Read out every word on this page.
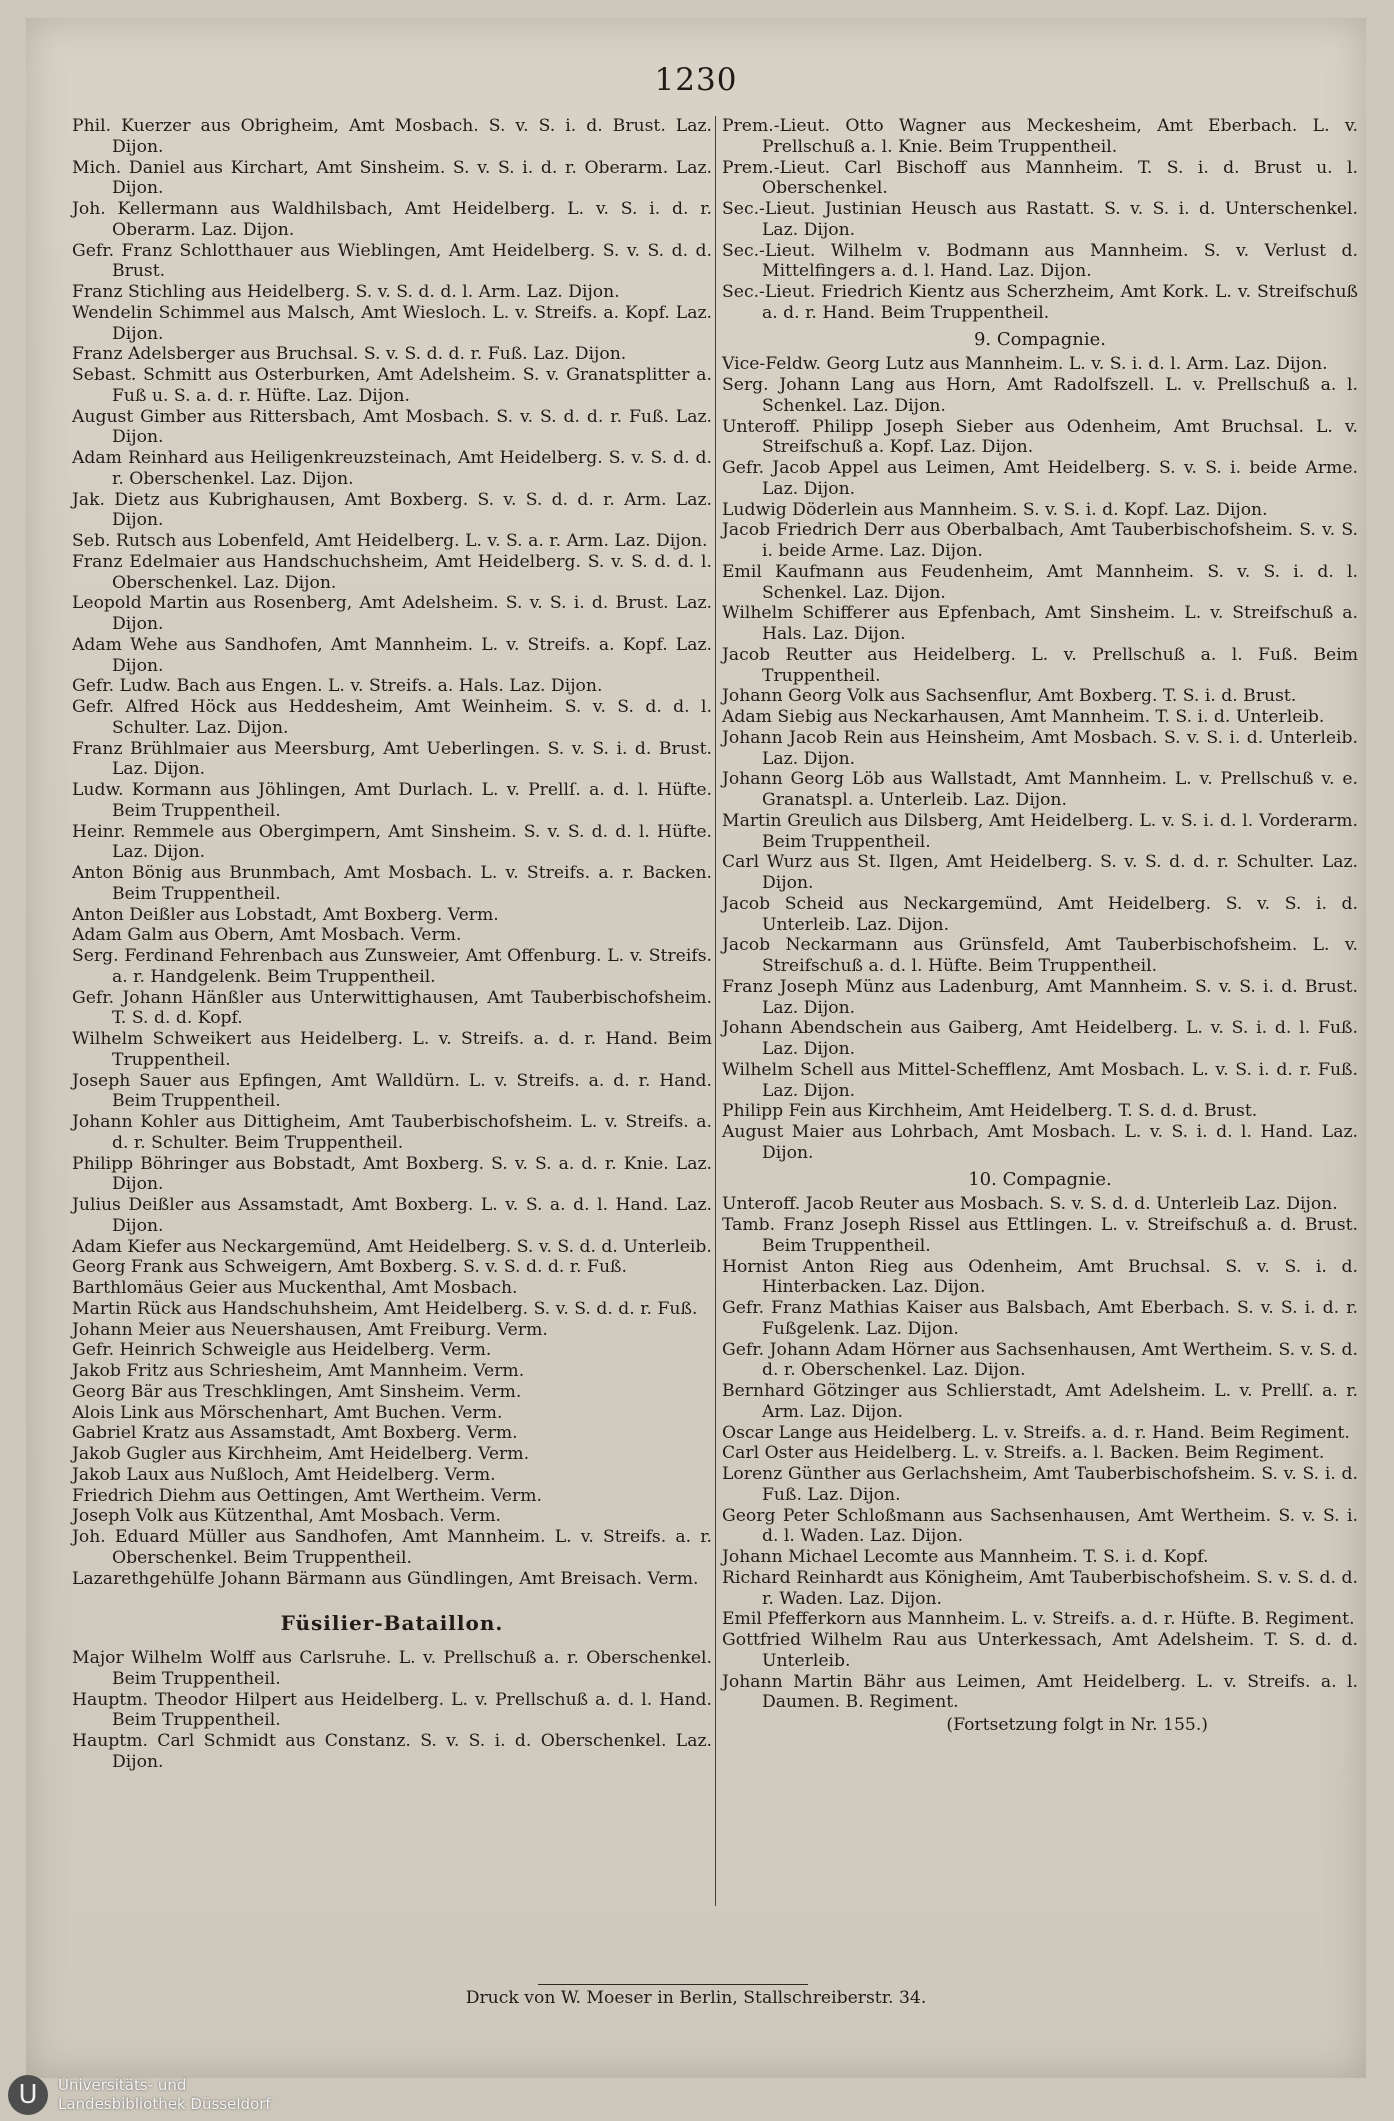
1230

Phil. Kuerzer aus Obrigheim, Amt Mosbach. S. v. S. i. d. Brust. Laz. Dijon.

Mich. Daniel aus Kirchart, Amt Sinsheim. S. v. S. i. d. r. Oberarm. Laz. Dijon.

Joh. Kellermann aus Waldhilsbach, Amt Heidelberg. L. v. S. i. d. r. Oberarm. Laz. Dijon.

Gefr. Franz Schlotthauer aus Wieblingen, Amt Heidelberg. S. v. S. d. d. Brust.

Franz Stichling aus Heidelberg. S. v. S. d. d. l. Arm. Laz. Dijon.

Wendelin Schimmel aus Malsch, Amt Wiesloch. L. v. Streifs. a. Kopf. Laz. Dijon.

Franz Adelsberger aus Bruchsal. S. v. S. d. d. r. Fuß. Laz. Dijon.

Sebast. Schmitt aus Osterburken, Amt Adelsheim. S. v. Granatsplitter a. Fuß u. S. a. d. r. Hüfte. Laz. Dijon.

August Gimber aus Rittersbach, Amt Mosbach. S. v. S. d. d. r. Fuß. Laz. Dijon.

Adam Reinhard aus Heiligenkreuzsteinach, Amt Heidelberg. S. v. S. d. d. r. Oberschenkel. Laz. Dijon.

Jak. Dietz aus Kubrighausen, Amt Boxberg. S. v. S. d. d. r. Arm. Laz. Dijon.

Seb. Rutsch aus Lobenfeld, Amt Heidelberg. L. v. S. a. r. Arm. Laz. Dijon.

Franz Edelmaier aus Handschuchsheim, Amt Heidelberg. S. v. S. d. d. l. Oberschenkel. Laz. Dijon.

Leopold Martin aus Rosenberg, Amt Adelsheim. S. v. S. i. d. Brust. Laz. Dijon.

Adam Wehe aus Sandhofen, Amt Mannheim. L. v. Streifs. a. Kopf. Laz. Dijon.

Gefr. Ludw. Bach aus Engen. L. v. Streifs. a. Hals. Laz. Dijon.

Gefr. Alfred Höck aus Heddesheim, Amt Weinheim. S. v. S. d. d. l. Schulter. Laz. Dijon.

Franz Brühlmaier aus Meersburg, Amt Ueberlingen. S. v. S. i. d. Brust. Laz. Dijon.

Ludw. Kormann aus Jöhlingen, Amt Durlach. L. v. Prellſ. a. d. l. Hüfte. Beim Truppentheil.

Heinr. Remmele aus Obergimpern, Amt Sinsheim. S. v. S. d. d. l. Hüfte. Laz. Dijon.

Anton Bönig aus Brunmbach, Amt Mosbach. L. v. Streifs. a. r. Backen. Beim Truppentheil.

Anton Deißler aus Lobstadt, Amt Boxberg. Verm.

Adam Galm aus Obern, Amt Mosbach. Verm.

Serg. Ferdinand Fehrenbach aus Zunsweier, Amt Offenburg. L. v. Streifs. a. r. Handgelenk. Beim Truppentheil.

Gefr. Johann Hänßler aus Unterwittighausen, Amt Tauberbischofsheim. T. S. d. d. Kopf.

Wilhelm Schweikert aus Heidelberg. L. v. Streifs. a. d. r. Hand. Beim Truppentheil.

Joseph Sauer aus Epfingen, Amt Walldürn. L. v. Streifs. a. d. r. Hand. Beim Truppentheil.

Johann Kohler aus Dittigheim, Amt Tauberbischofsheim. L. v. Streifs. a. d. r. Schulter. Beim Truppentheil.

Philipp Böhringer aus Bobstadt, Amt Boxberg. S. v. S. a. d. r. Knie. Laz. Dijon.

Julius Deißler aus Assamstadt, Amt Boxberg. L. v. S. a. d. l. Hand. Laz. Dijon.

Adam Kiefer aus Neckargemünd, Amt Heidelberg. S. v. S. d. d. Unterleib.

Georg Frank aus Schweigern, Amt Boxberg. S. v. S. d. d. r. Fuß.

Barthlomäus Geier aus Muckenthal, Amt Mosbach.

Martin Rück aus Handschuhsheim, Amt Heidelberg. S. v. S. d. d. r. Fuß.

Johann Meier aus Neuershausen, Amt Freiburg. Verm.

Gefr. Heinrich Schweigle aus Heidelberg. Verm.

Jakob Fritz aus Schriesheim, Amt Mannheim. Verm.

Georg Bär aus Treschklingen, Amt Sinsheim. Verm.

Alois Link aus Mörschenhart, Amt Buchen. Verm.

Gabriel Kratz aus Assamstadt, Amt Boxberg. Verm.

Jakob Gugler aus Kirchheim, Amt Heidelberg. Verm.

Jakob Laux aus Nußloch, Amt Heidelberg. Verm.

Friedrich Diehm aus Oettingen, Amt Wertheim. Verm.

Joseph Volk aus Kützenthal, Amt Mosbach. Verm.

Joh. Eduard Müller aus Sandhofen, Amt Mannheim. L. v. Streifs. a. r. Oberschenkel. Beim Truppentheil.

Lazarethgehülfe Johann Bärmann aus Gündlingen, Amt Breisach. Verm.

Füsilier-Bataillon.

Major Wilhelm Wolff aus Carlsruhe. L. v. Prellschuß a. r. Oberschenkel. Beim Truppentheil.

Hauptm. Theodor Hilpert aus Heidelberg. L. v. Prellschuß a. d. l. Hand. Beim Truppentheil.

Hauptm. Carl Schmidt aus Constanz. S. v. S. i. d. Oberschenkel. Laz. Dijon.

Prem.-Lieut. Otto Wagner aus Meckesheim, Amt Eberbach. L. v. Prellschuß a. l. Knie. Beim Truppentheil.

Prem.-Lieut. Carl Bischoff aus Mannheim. T. S. i. d. Brust u. l. Oberschenkel.

Sec.-Lieut. Justinian Heusch aus Rastatt. S. v. S. i. d. Unterschenkel. Laz. Dijon.

Sec.-Lieut. Wilhelm v. Bodmann aus Mannheim. S. v. Verlust d. Mittelfingers a. d. l. Hand. Laz. Dijon.

Sec.-Lieut. Friedrich Kientz aus Scherzheim, Amt Kork. L. v. Streifschuß a. d. r. Hand. Beim Truppentheil.

9. Compagnie.

Vice-Feldw. Georg Lutz aus Mannheim. L. v. S. i. d. l. Arm. Laz. Dijon.

Serg. Johann Lang aus Horn, Amt Radolfszell. L. v. Prellschuß a. l. Schenkel. Laz. Dijon.

Unteroff. Philipp Joseph Sieber aus Odenheim, Amt Bruchsal. L. v. Streifschuß a. Kopf. Laz. Dijon.

Gefr. Jacob Appel aus Leimen, Amt Heidelberg. S. v. S. i. beide Arme. Laz. Dijon.

Ludwig Döderlein aus Mannheim. S. v. S. i. d. Kopf. Laz. Dijon.

Jacob Friedrich Derr aus Oberbalbach, Amt Tauberbischofsheim. S. v. S. i. beide Arme. Laz. Dijon.

Emil Kaufmann aus Feudenheim, Amt Mannheim. S. v. S. i. d. l. Schenkel. Laz. Dijon.

Wilhelm Schifferer aus Epfenbach, Amt Sinsheim. L. v. Streifschuß a. Hals. Laz. Dijon.

Jacob Reutter aus Heidelberg. L. v. Prellschuß a. l. Fuß. Beim Truppentheil.

Johann Georg Volk aus Sachsenflur, Amt Boxberg. T. S. i. d. Brust.

Adam Siebig aus Neckarhausen, Amt Mannheim. T. S. i. d. Unterleib.

Johann Jacob Rein aus Heinsheim, Amt Mosbach. S. v. S. i. d. Unterleib. Laz. Dijon.

Johann Georg Löb aus Wallstadt, Amt Mannheim. L. v. Prellschuß v. e. Granatspl. a. Unterleib. Laz. Dijon.

Martin Greulich aus Dilsberg, Amt Heidelberg. L. v. S. i. d. l. Vorderarm. Beim Truppentheil.

Carl Wurz aus St. Ilgen, Amt Heidelberg. S. v. S. d. d. r. Schulter. Laz. Dijon.

Jacob Scheid aus Neckargemünd, Amt Heidelberg. S. v. S. i. d. Unterleib. Laz. Dijon.

Jacob Neckarmann aus Grünsfeld, Amt Tauberbischofsheim. L. v. Streifschuß a. d. l. Hüfte. Beim Truppentheil.

Franz Joseph Münz aus Ladenburg, Amt Mannheim. S. v. S. i. d. Brust. Laz. Dijon.

Johann Abendschein aus Gaiberg, Amt Heidelberg. L. v. S. i. d. l. Fuß. Laz. Dijon.

Wilhelm Schell aus Mittel-Schefflenz, Amt Mosbach. L. v. S. i. d. r. Fuß. Laz. Dijon.

Philipp Fein aus Kirchheim, Amt Heidelberg. T. S. d. d. Brust.

August Maier aus Lohrbach, Amt Mosbach. L. v. S. i. d. l. Hand. Laz. Dijon.

10. Compagnie.

Unteroff. Jacob Reuter aus Mosbach. S. v. S. d. d. Unterleib Laz. Dijon.

Tamb. Franz Joseph Rissel aus Ettlingen. L. v. Streifschuß a. d. Brust. Beim Truppentheil.

Hornist Anton Rieg aus Odenheim, Amt Bruchsal. S. v. S. i. d. Hinterbacken. Laz. Dijon.

Gefr. Franz Mathias Kaiser aus Balsbach, Amt Eberbach. S. v. S. i. d. r. Fußgelenk. Laz. Dijon.

Gefr. Johann Adam Hörner aus Sachsenhausen, Amt Wertheim. S. v. S. d. d. r. Oberschenkel. Laz. Dijon.

Bernhard Götzinger aus Schlierstadt, Amt Adelsheim. L. v. Prellſ. a. r. Arm. Laz. Dijon.

Oscar Lange aus Heidelberg. L. v. Streifs. a. d. r. Hand. Beim Regiment.

Carl Oster aus Heidelberg. L. v. Streifs. a. l. Backen. Beim Regiment.

Lorenz Günther aus Gerlachsheim, Amt Tauberbischofsheim. S. v. S. i. d. Fuß. Laz. Dijon.

Georg Peter Schloßmann aus Sachsenhausen, Amt Wertheim. S. v. S. i. d. l. Waden. Laz. Dijon.

Johann Michael Lecomte aus Mannheim. T. S. i. d. Kopf.

Richard Reinhardt aus Königheim, Amt Tauberbischofsheim. S. v. S. d. d. r. Waden. Laz. Dijon.

Emil Pfefferkorn aus Mannheim. L. v. Streifs. a. d. r. Hüfte. B. Regiment.

Gottfried Wilhelm Rau aus Unterkessach, Amt Adelsheim. T. S. d. d. Unterleib.

Johann Martin Bähr aus Leimen, Amt Heidelberg. L. v. Streifs. a. l. Daumen. B. Regiment.

(Fortsetzung folgt in Nr. 155.)
Druck von W. Moeser in Berlin, Stallschreiberstr. 34.
U	Universitäts- und
Landesbibliothek Düsseldorf
